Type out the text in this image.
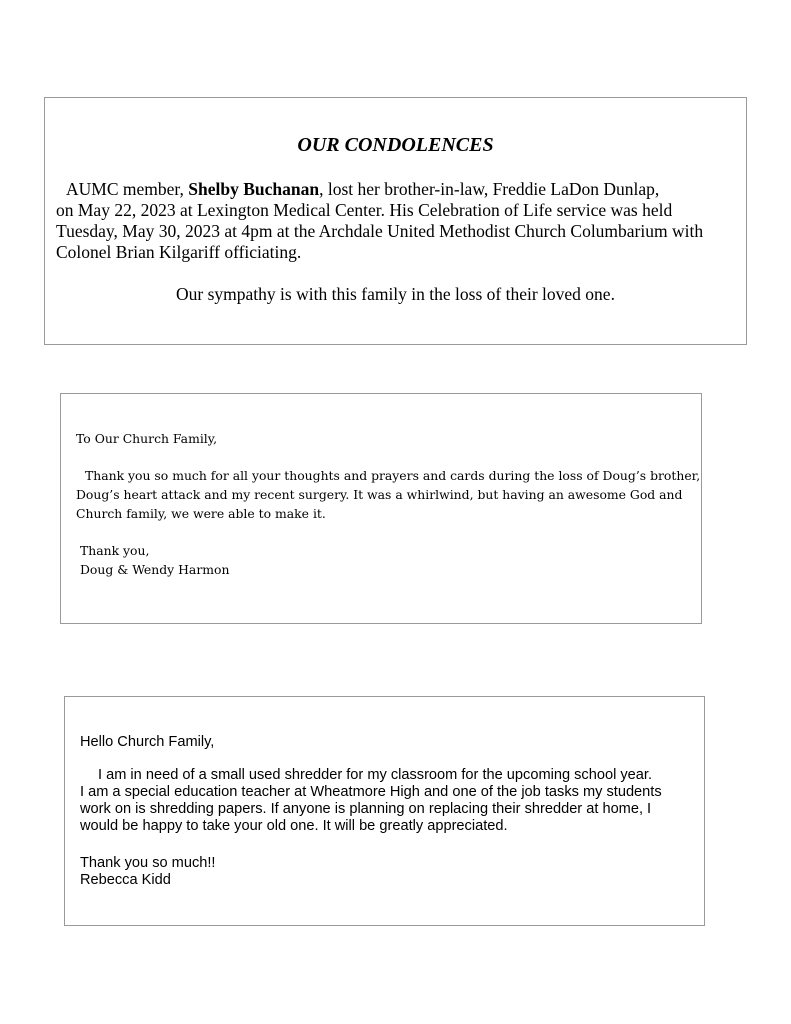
OUR CONDOLENCES
AUMC member, Shelby Buchanan, lost her brother-in-law, Freddie LaDon Dunlap,
on May 22, 2023 at Lexington Medical Center. His Celebration of Life service was held
Tuesday, May 30, 2023 at 4pm at the Archdale United Methodist Church Columbarium with
Colonel Brian Kilgariff officiating.
Our sympathy is with this family in the loss of their loved one.
To Our Church Family,
Thank you so much for all your thoughts and prayers and cards during the loss of Doug’s brother,
Doug’s heart attack and my recent surgery. It was a whirlwind, but having an awesome God and
Church family, we were able to make it.
Thank you,
Doug & Wendy Harmon
Hello Church Family,
I am in need of a small used shredder for my classroom for the upcoming school year.
I am a special education teacher at Wheatmore High and one of the job tasks my students
work on is shredding papers. If anyone is planning on replacing their shredder at home, I
would be happy to take your old one. It will be greatly appreciated.
Thank you so much!!
Rebecca Kidd
